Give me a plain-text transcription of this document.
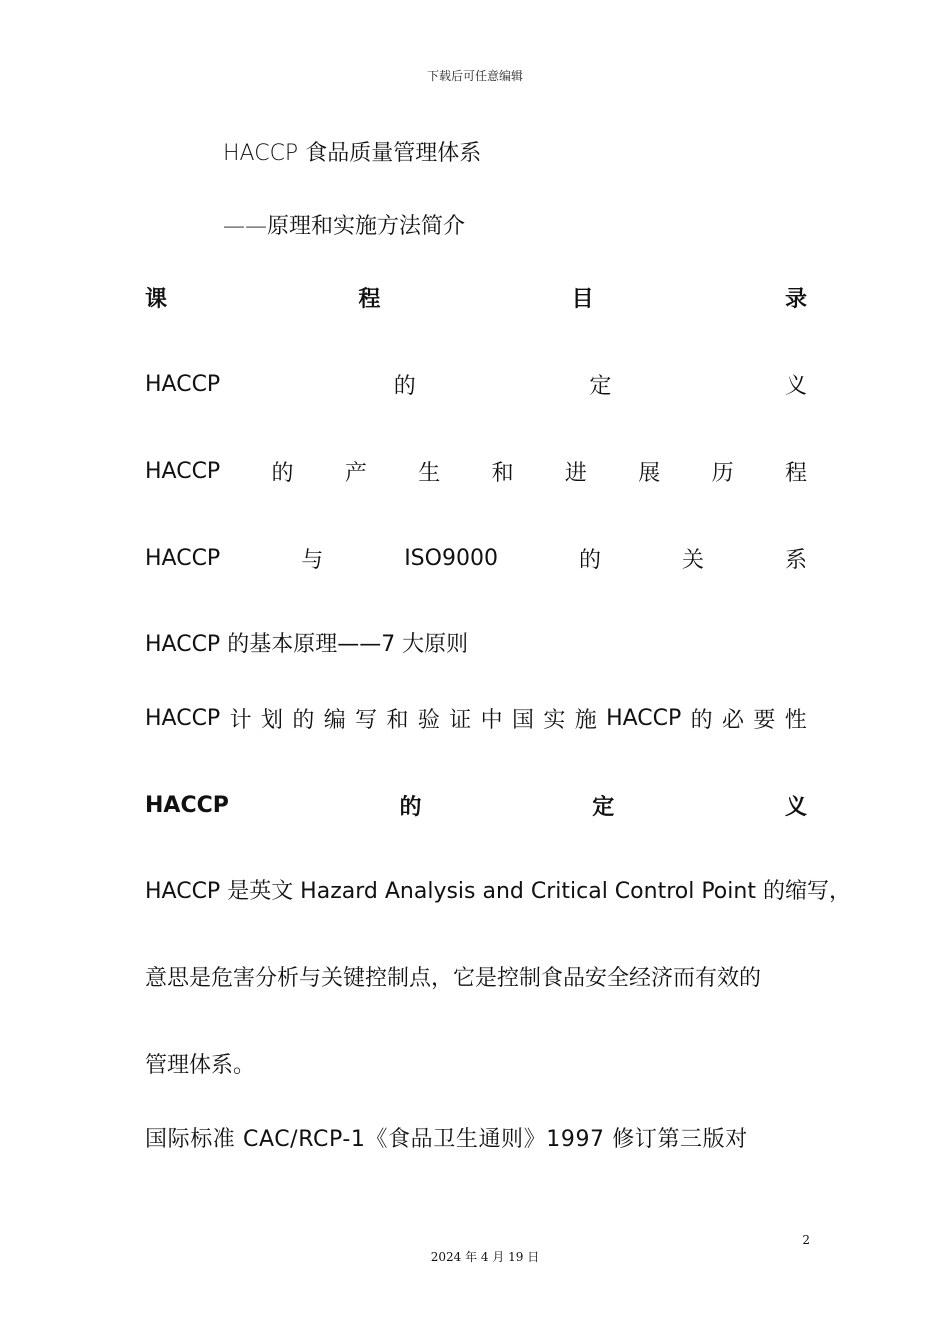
下载后可任意编辑
HACCP 食品质量管理体系
——原理和实施方法简介
课	程	目	录
HACCP	的	定	义
HACCP 的 产 生 和 进 展 历 程
HACCP	与	ISO9000	的	关	系
HACCP 的基本原理——7 大原则
HACCP 计 划 的 编 写 和 验 证 中 国 实 施 HACCP 的 必 要 性
HACCP	的	定	义
HACCP 是英文 Hazard Analysis and Critical Control Point 的缩写，
意思是危害分析与关键控制点，它是控制食品安全经济而有效的
管理体系。
国际标准 CAC/RCP-1《食品卫生通则》1997 修订第三版对
2
2024 年 4 月 19 日
